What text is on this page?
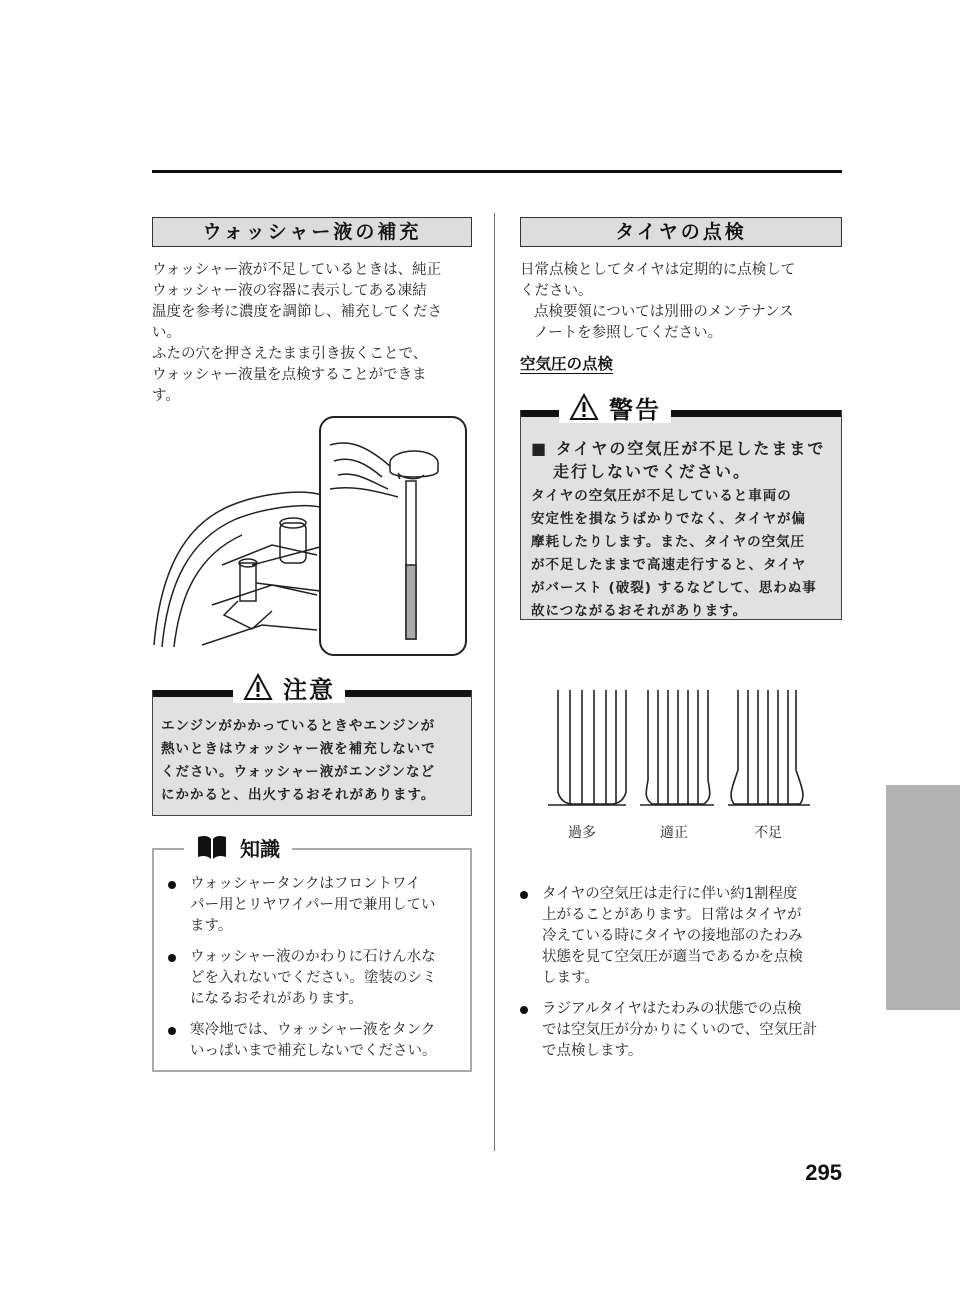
ウォッシャー液の補充

ウォッシャー液が不足しているときは、純正

ウォッシャー液の容器に表示してある凍結

温度を参考に濃度を調節し、補充してくださ

い。

ふたの穴を押さえたまま引き抜くことで、

ウォッシャー液量を点検することができま

す。

注意

エンジンがかかっているときやエンジンが

熱いときはウォッシャー液を補充しないで

ください。ウォッシャー液がエンジンなど

にかかると、出火するおそれがあります。

知識
ウォッシャータンクはフロントワイ
パー用とリヤワイパー用で兼用してい
ます。
ウォッシャー液のかわりに石けん水な
どを入れないでください。塗装のシミ
になるおそれがあります。
寒冷地では、ウォッシャー液をタンク
いっぱいまで補充しないでください。
タイヤの点検

日常点検としてタイヤは定期的に点検して

ください。

点検要領については別冊のメンテナンス

ノートを参照してください。

空気圧の点検
警告

■ タイヤの空気圧が不足したままで

走行しないでください。

タイヤの空気圧が不足していると車両の

安定性を損なうばかりでなく、タイヤが偏

摩耗したりします。また、タイヤの空気圧

が不足したままで高速走行すると、タイヤ

がバースト (破裂) するなどして、思わぬ事

故につながるおそれがあります。

過多	適正	不足
タイヤの空気圧は走行に伴い約1割程度
上がることがあります。日常はタイヤが
冷えている時にタイヤの接地部のたわみ
状態を見て空気圧が適当であるかを点検
します。
ラジアルタイヤはたわみの状態での点検
では空気圧が分かりにくいので、空気圧計
で点検します。
295
